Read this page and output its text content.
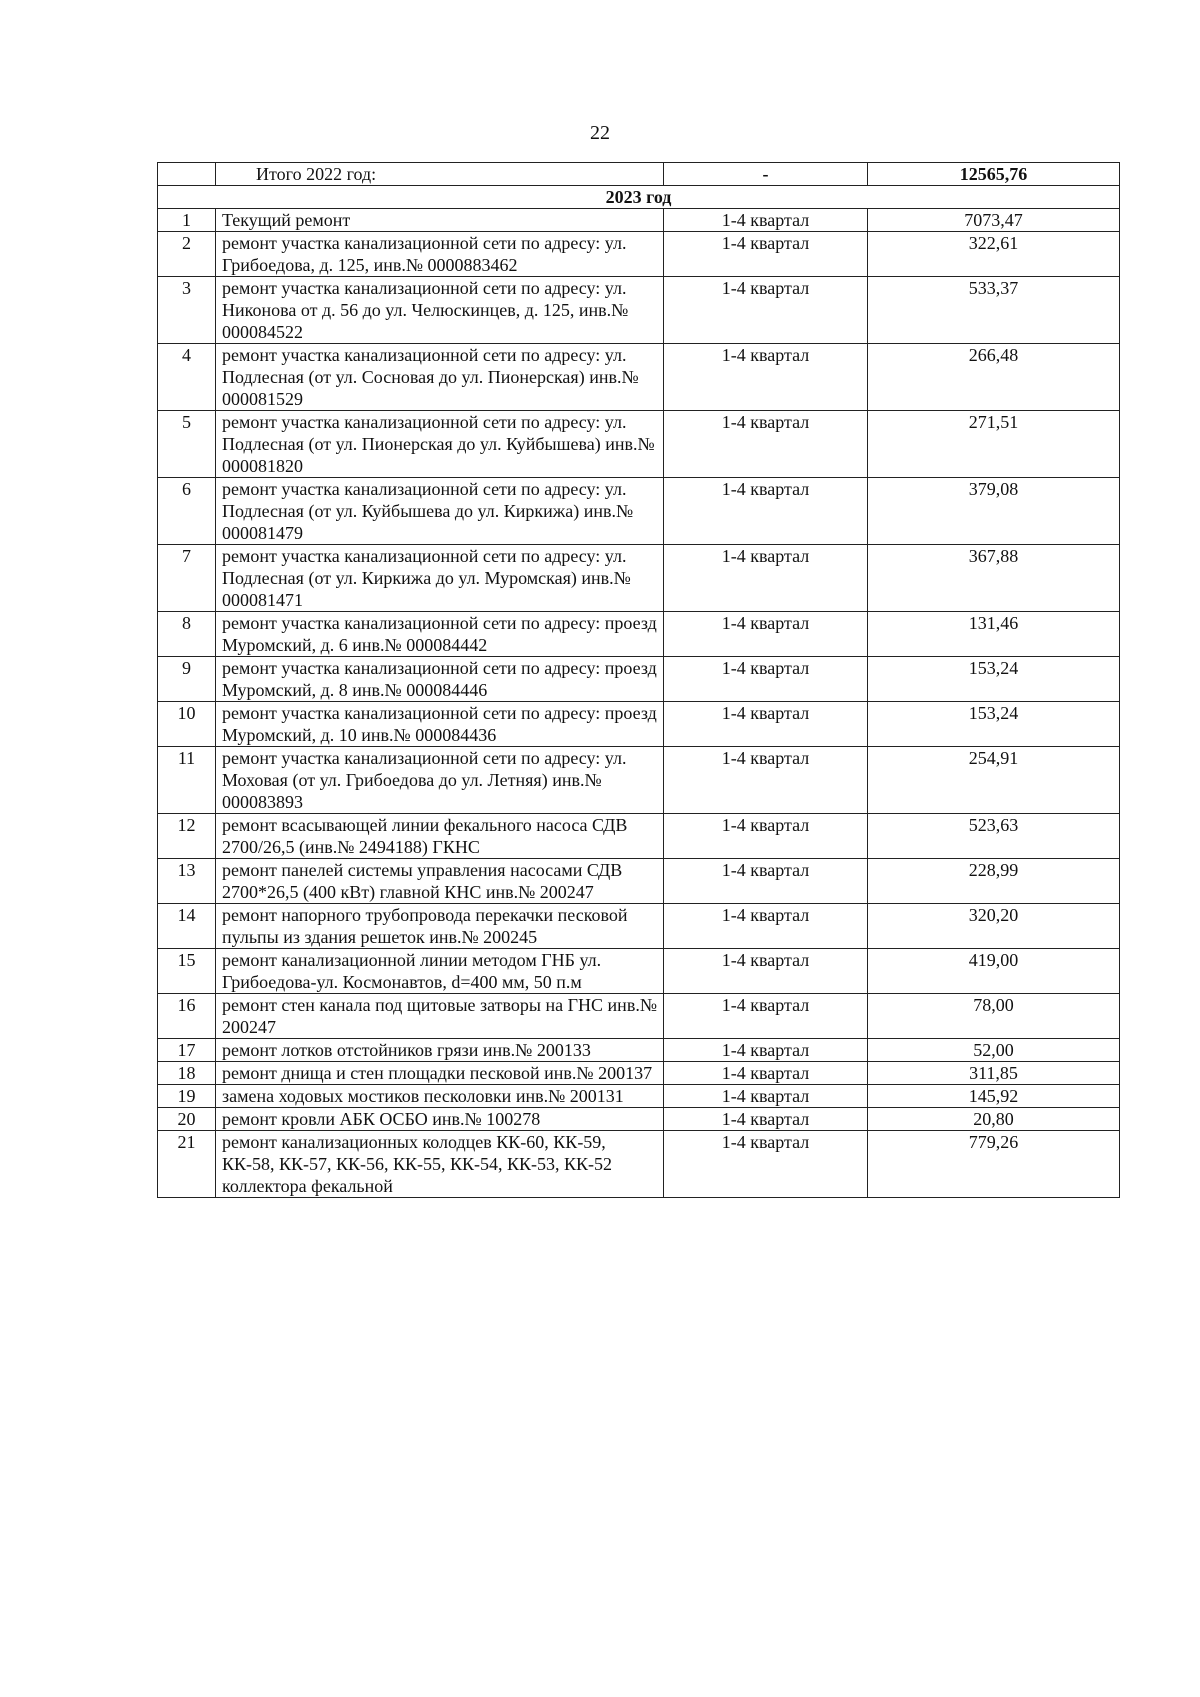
22
	Итого 2022 год:	-	12565,76
2023 год			
1	Текущий ремонт	1-4 квартал	7073,47
2	ремонт участка канализационной сети по адресу: ул. Грибоедова, д. 125, инв.№ 0000883462	1-4 квартал	322,61
3	ремонт участка канализационной сети по адресу: ул. Никонова от д. 56 до ул. Челюскинцев, д. 125, инв.№ 000084522	1-4 квартал	533,37
4	ремонт участка канализационной сети по адресу: ул. Подлесная (от ул. Сосновая до ул. Пионерская) инв.№ 000081529	1-4 квартал	266,48
5	ремонт участка канализационной сети по адресу: ул. Подлесная (от ул. Пионерская до ул. Куйбышева) инв.№ 000081820	1-4 квартал	271,51
6	ремонт участка канализационной сети по адресу: ул. Подлесная (от ул. Куйбышева до ул. Киркижа) инв.№ 000081479	1-4 квартал	379,08
7	ремонт участка канализационной сети по адресу: ул. Подлесная (от ул. Киркижа до ул. Муромская) инв.№ 000081471	1-4 квартал	367,88
8	ремонт участка канализационной сети по адресу: проезд Муромский, д. 6 инв.№ 000084442	1-4 квартал	131,46
9	ремонт участка канализационной сети по адресу: проезд Муромский, д. 8 инв.№ 000084446	1-4 квартал	153,24
10	ремонт участка канализационной сети по адресу: проезд Муромский, д. 10 инв.№ 000084436	1-4 квартал	153,24
11	ремонт участка канализационной сети по адресу: ул. Моховая (от ул. Грибоедова до ул. Летняя) инв.№ 000083893	1-4 квартал	254,91
12	ремонт всасывающей линии фекального насоса СДВ 2700/26,5 (инв.№ 2494188) ГКНС	1-4 квартал	523,63
13	ремонт панелей системы управления насосами СДВ 2700*26,5 (400 кВт) главной КНС инв.№ 200247	1-4 квартал	228,99
14	ремонт напорного трубопровода перекачки песковой пульпы из здания решеток инв.№ 200245	1-4 квартал	320,20
15	ремонт канализационной линии методом ГНБ ул. Грибоедова-ул. Космонавтов, d=400 мм, 50 п.м	1-4 квартал	419,00
16	ремонт стен канала под щитовые затворы на ГНС инв.№ 200247	1-4 квартал	78,00
17	ремонт лотков отстойников грязи инв.№ 200133	1-4 квартал	52,00
18	ремонт днища и стен площадки песковой инв.№ 200137	1-4 квартал	311,85
19	замена ходовых мостиков песколовки инв.№ 200131	1-4 квартал	145,92
20	ремонт кровли АБК ОСБО инв.№ 100278	1-4 квартал	20,80
21	ремонт канализационных колодцев КК-60, КК-59, КК-58, КК-57, КК-56, КК-55, КК-54, КК-53, КК-52 коллектора фекальной	1-4 квартал	779,26
